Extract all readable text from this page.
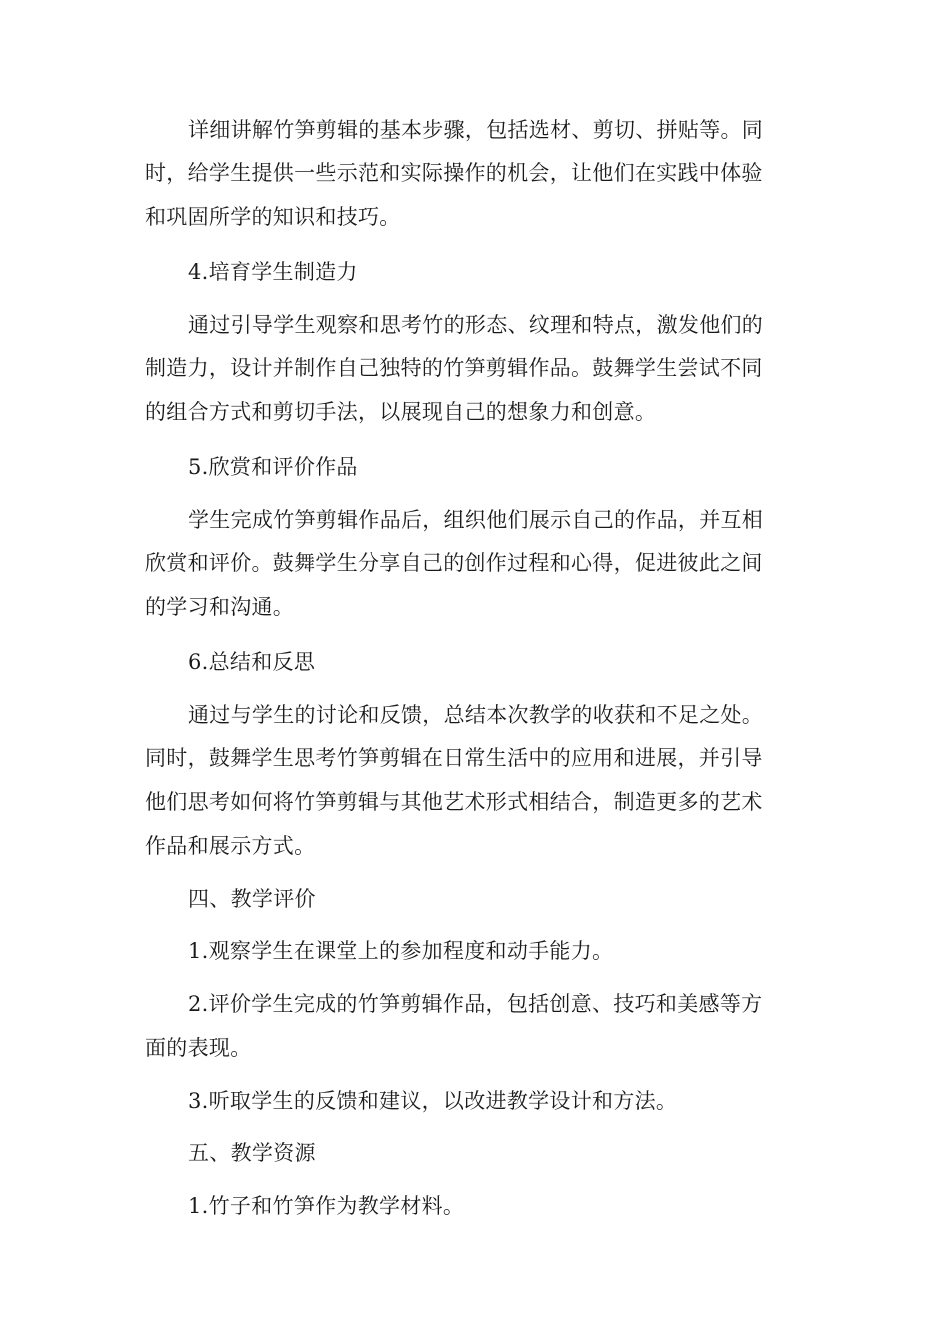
详细讲解竹笋剪辑的基本步骤，包括选材、剪切、拼贴等。同
时，给学生提供一些示范和实际操作的机会，让他们在实践中体验
和巩固所学的知识和技巧。
4.培育学生制造力
通过引导学生观察和思考竹的形态、纹理和特点，激发他们的
制造力，设计并制作自己独特的竹笋剪辑作品。鼓舞学生尝试不同
的组合方式和剪切手法，以展现自己的想象力和创意。
5.欣赏和评价作品
学生完成竹笋剪辑作品后，组织他们展示自己的作品，并互相
欣赏和评价。鼓舞学生分享自己的创作过程和心得，促进彼此之间
的学习和沟通。
6.总结和反思
通过与学生的讨论和反馈，总结本次教学的收获和不足之处。
同时，鼓舞学生思考竹笋剪辑在日常生活中的应用和进展，并引导
他们思考如何将竹笋剪辑与其他艺术形式相结合，制造更多的艺术
作品和展示方式。
四、教学评价
1.观察学生在课堂上的参加程度和动手能力。
2.评价学生完成的竹笋剪辑作品，包括创意、技巧和美感等方
面的表现。
3.听取学生的反馈和建议，以改进教学设计和方法。
五、教学资源
1.竹子和竹笋作为教学材料。
